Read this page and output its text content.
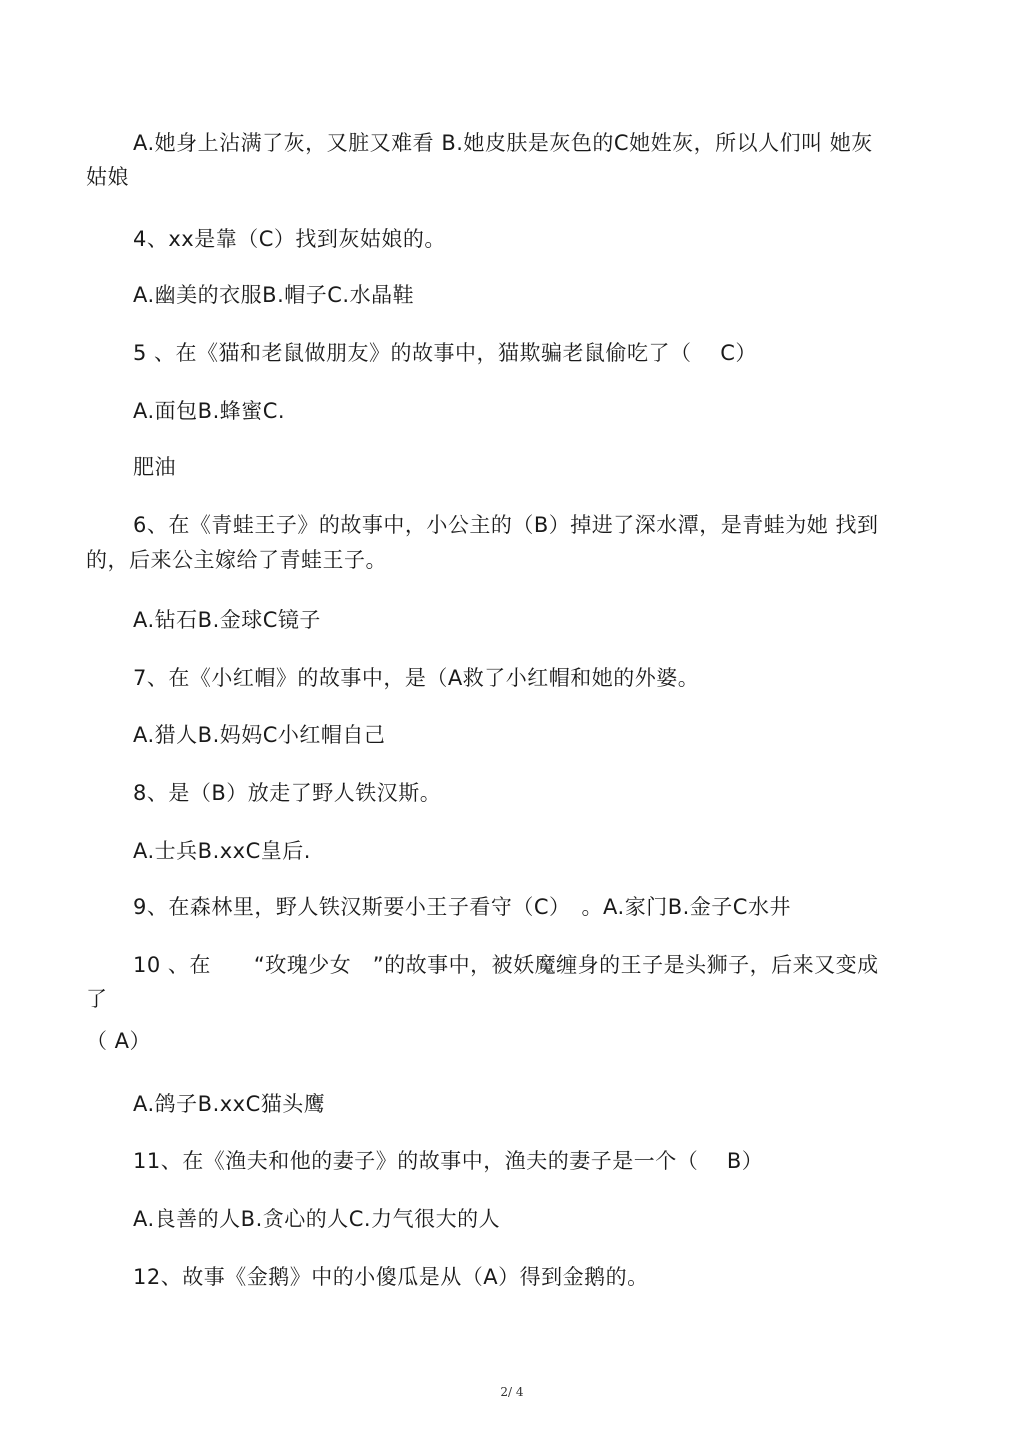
A.她身上沾满了灰，又脏又难看 B.她皮肤是灰色的C她姓灰，所以人们叫 她灰
姑娘
4、xx是靠（C）找到灰姑娘的。
A.幽美的衣服B.帽子C.水晶鞋
5 、在《猫和老鼠做朋友》的故事中，猫欺骗老鼠偷吃了（　 C）
A.面包B.蜂蜜C.
肥油
6、在《青蛙王子》的故事中，小公主的（B）掉进了深水潭，是青蛙为她 找到
的，后来公主嫁给了青蛙王子。
A.钻石B.金球C镜子
7、在《小红帽》的故事中，是（A救了小红帽和她的外婆。
A.猎人B.妈妈C小红帽自己
8、是（B）放走了野人铁汉斯。
A.士兵B.xxC皇后.
9、在森林里，野人铁汉斯要小王子看守（C）　。A.家门B.金子C水井
10 、在　　“玫瑰少女　”的故事中，被妖魔缠身的王子是头狮子，后来又变成
了
（ A）
A.鸽子B.xxC猫头鹰
11、在《渔夫和他的妻子》的故事中，渔夫的妻子是一个（　 B）
A.良善的人B.贪心的人C.力气很大的人
12、故事《金鹅》中的小傻瓜是从（A）得到金鹅的。
2/ 4
